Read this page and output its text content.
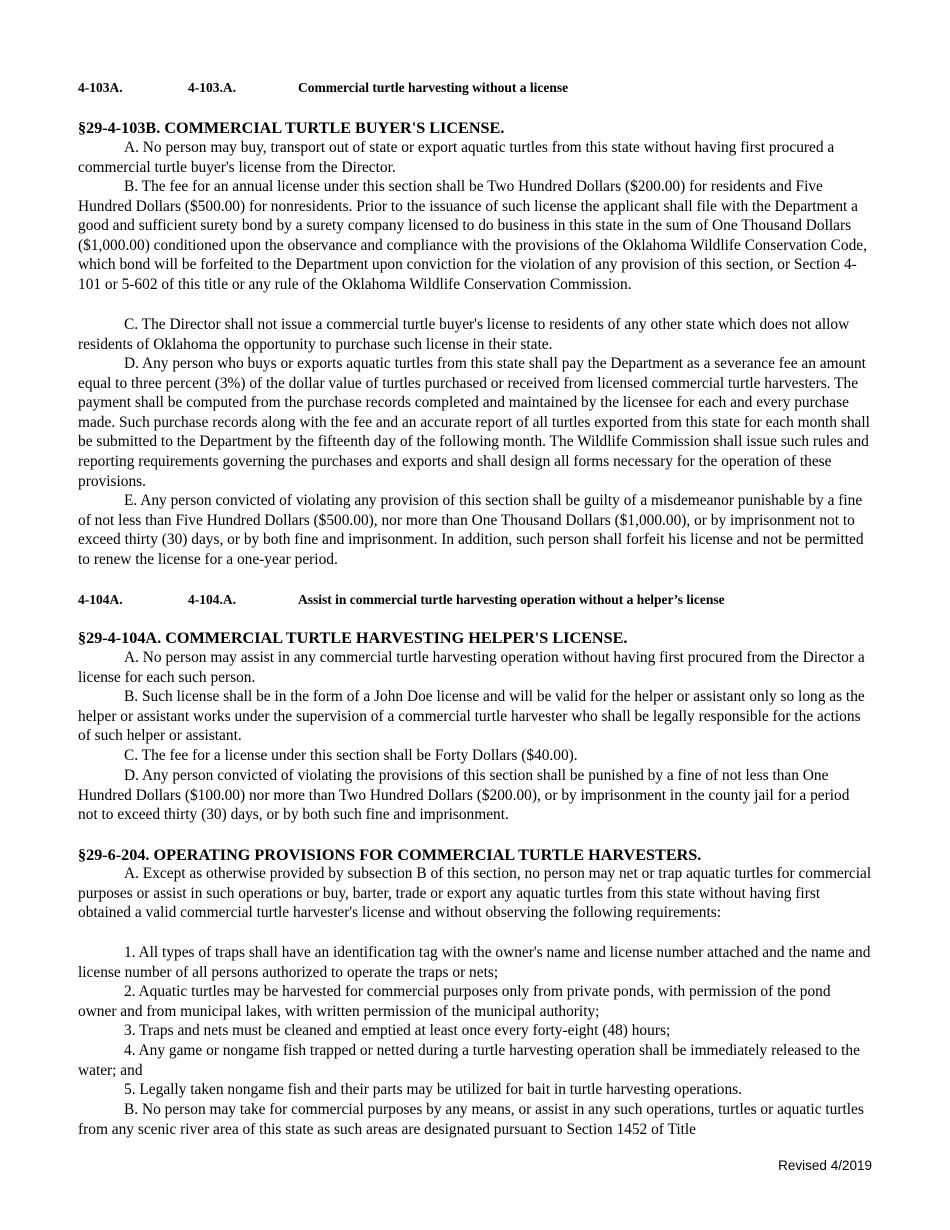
4-103A.	4-103.A.	Commercial turtle harvesting without a license
§29-4-103B. COMMERCIAL TURTLE BUYER'S LICENSE.
A. No person may buy, transport out of state or export aquatic turtles from this state without having first procured a commercial turtle buyer's license from the Director.
B. The fee for an annual license under this section shall be Two Hundred Dollars ($200.00) for residents and Five Hundred Dollars ($500.00) for nonresidents. Prior to the issuance of such license the applicant shall file with the Department a good and sufficient surety bond by a surety company licensed to do business in this state in the sum of One Thousand Dollars ($1,000.00) conditioned upon the observance and compliance with the provisions of the Oklahoma Wildlife Conservation Code, which bond will be forfeited to the Department upon conviction for the violation of any provision of this section, or Section 4-101 or 5-602 of this title or any rule of the Oklahoma Wildlife Conservation Commission.
C. The Director shall not issue a commercial turtle buyer's license to residents of any other state which does not allow residents of Oklahoma the opportunity to purchase such license in their state.
D. Any person who buys or exports aquatic turtles from this state shall pay the Department as a severance fee an amount equal to three percent (3%) of the dollar value of turtles purchased or received from licensed commercial turtle harvesters. The payment shall be computed from the purchase records completed and maintained by the licensee for each and every purchase made. Such purchase records along with the fee and an accurate report of all turtles exported from this state for each month shall be submitted to the Department by the fifteenth day of the following month. The Wildlife Commission shall issue such rules and reporting requirements governing the purchases and exports and shall design all forms necessary for the operation of these provisions.
E. Any person convicted of violating any provision of this section shall be guilty of a misdemeanor punishable by a fine of not less than Five Hundred Dollars ($500.00), nor more than One Thousand Dollars ($1,000.00), or by imprisonment not to exceed thirty (30) days, or by both fine and imprisonment. In addition, such person shall forfeit his license and not be permitted to renew the license for a one-year period.
4-104A.	4-104.A.	Assist in commercial turtle harvesting operation without a helper’s license
§29-4-104A. COMMERCIAL TURTLE HARVESTING HELPER'S LICENSE.
A. No person may assist in any commercial turtle harvesting operation without having first procured from the Director a license for each such person.
B. Such license shall be in the form of a John Doe license and will be valid for the helper or assistant only so long as the helper or assistant works under the supervision of a commercial turtle harvester who shall be legally responsible for the actions of such helper or assistant.
C. The fee for a license under this section shall be Forty Dollars ($40.00).
D. Any person convicted of violating the provisions of this section shall be punished by a fine of not less than One Hundred Dollars ($100.00) nor more than Two Hundred Dollars ($200.00), or by imprisonment in the county jail for a period not to exceed thirty (30) days, or by both such fine and imprisonment.
§29-6-204. OPERATING PROVISIONS FOR COMMERCIAL TURTLE HARVESTERS.
A. Except as otherwise provided by subsection B of this section, no person may net or trap aquatic turtles for commercial purposes or assist in such operations or buy, barter, trade or export any aquatic turtles from this state without having first obtained a valid commercial turtle harvester's license and without observing the following requirements:
1. All types of traps shall have an identification tag with the owner's name and license number attached and the name and license number of all persons authorized to operate the traps or nets;
2. Aquatic turtles may be harvested for commercial purposes only from private ponds, with permission of the pond owner and from municipal lakes, with written permission of the municipal authority;
3. Traps and nets must be cleaned and emptied at least once every forty-eight (48) hours;
4. Any game or nongame fish trapped or netted during a turtle harvesting operation shall be immediately released to the water; and
5. Legally taken nongame fish and their parts may be utilized for bait in turtle harvesting operations.
B. No person may take for commercial purposes by any means, or assist in any such operations, turtles or aquatic turtles from any scenic river area of this state as such areas are designated pursuant to Section 1452 of Title
Revised 4/2019
